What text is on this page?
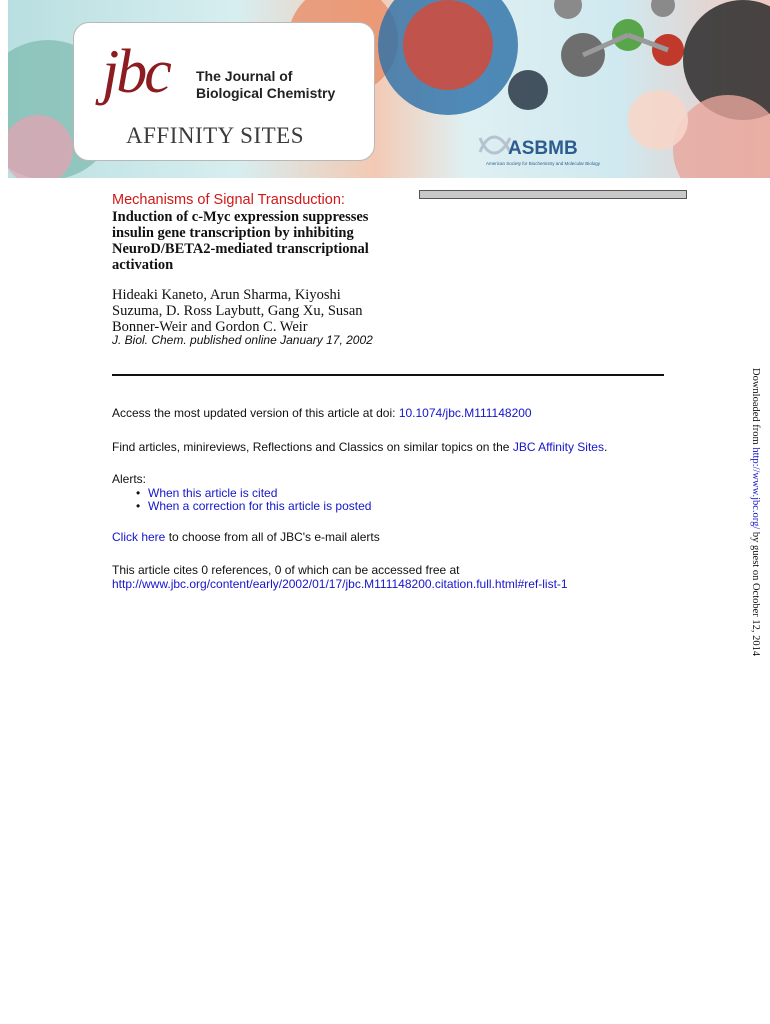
jbc The Journal of
Biological Chemistry
AFFINITY SITES
ASBMB
American Society for Biochemistry and Molecular Biology
Mechanisms of Signal Transduction:
Induction of c-Myc expression suppresses
insulin gene transcription by inhibiting
NeuroD/BETA2-mediated transcriptional
activation
Hideaki Kaneto, Arun Sharma, Kiyoshi
Suzuma, D. Ross Laybutt, Gang Xu, Susan
Bonner-Weir and Gordon C. Weir
J. Biol. Chem. published online January 17, 2002
Access the most updated version of this article at doi: 10.1074/jbc.M111148200
Find articles, minireviews, Reflections and Classics on similar topics on the JBC Affinity Sites.
Alerts:
• When this article is cited
• When a correction for this article is posted
Click here to choose from all of JBC's e-mail alerts
This article cites 0 references, 0 of which can be accessed free at
http://www.jbc.org/content/early/2002/01/17/jbc.M111148200.citation.full.html#ref-list-1
Downloaded from http://www.jbc.org/ by guest on October 12, 2014
